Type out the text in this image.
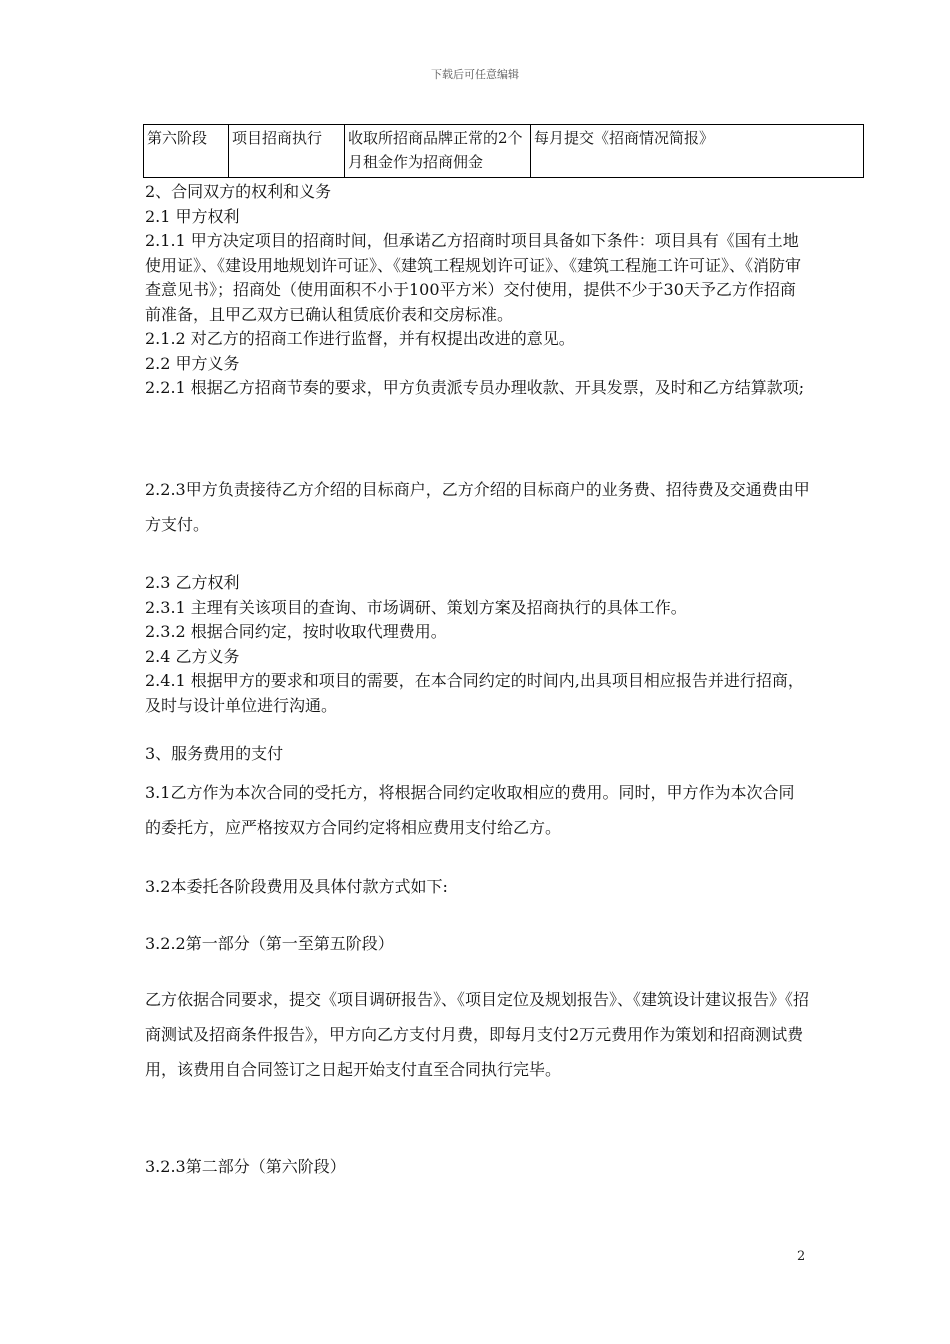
下载后可任意编辑
第六阶段	项目招商执行	收取所招商品牌正常的2个月租金作为招商佣金	每月提交《招商情况简报》

2、合同双方的权利和义务

2.1 甲方权利

2.1.1 甲方决定项目的招商时间，但承诺乙方招商时项目具备如下条件：项目具有《国有土地使用证》、《建设用地规划许可证》、《建筑工程规划许可证》、《建筑工程施工许可证》、《消防审查意见书》；招商处（使用面积不小于100平方米）交付使用，提供不少于30天予乙方作招商前准备，且甲乙双方已确认租赁底价表和交房标准。

2.1.2 对乙方的招商工作进行监督，并有权提出改进的意见。

2.2 甲方义务

2.2.1 根据乙方招商节奏的要求，甲方负责派专员办理收款、开具发票，及时和乙方结算款项;

2.2.3甲方负责接待乙方介绍的目标商户，乙方介绍的目标商户的业务费、招待费及交通费由甲方支付。

2.3 乙方权利

2.3.1 主理有关该项目的查询、市场调研、策划方案及招商执行的具体工作。

2.3.2 根据合同约定，按时收取代理费用。

2.4 乙方义务

2.4.1 根据甲方的要求和项目的需要，在本合同约定的时间内,出具项目相应报告并进行招商，及时与设计单位进行沟通。

3、服务费用的支付

3.1乙方作为本次合同的受托方，将根据合同约定收取相应的费用。同时，甲方作为本次合同的委托方，应严格按双方合同约定将相应费用支付给乙方。

3.2本委托各阶段费用及具体付款方式如下:

3.2.2第一部分（第一至第五阶段）

乙方依据合同要求，提交《项目调研报告》、《项目定位及规划报告》、《建筑设计建议报告》《招商测试及招商条件报告》，甲方向乙方支付月费，即每月支付2万元费用作为策划和招商测试费用，该费用自合同签订之日起开始支付直至合同执行完毕。

3.2.3第二部分（第六阶段）

2
